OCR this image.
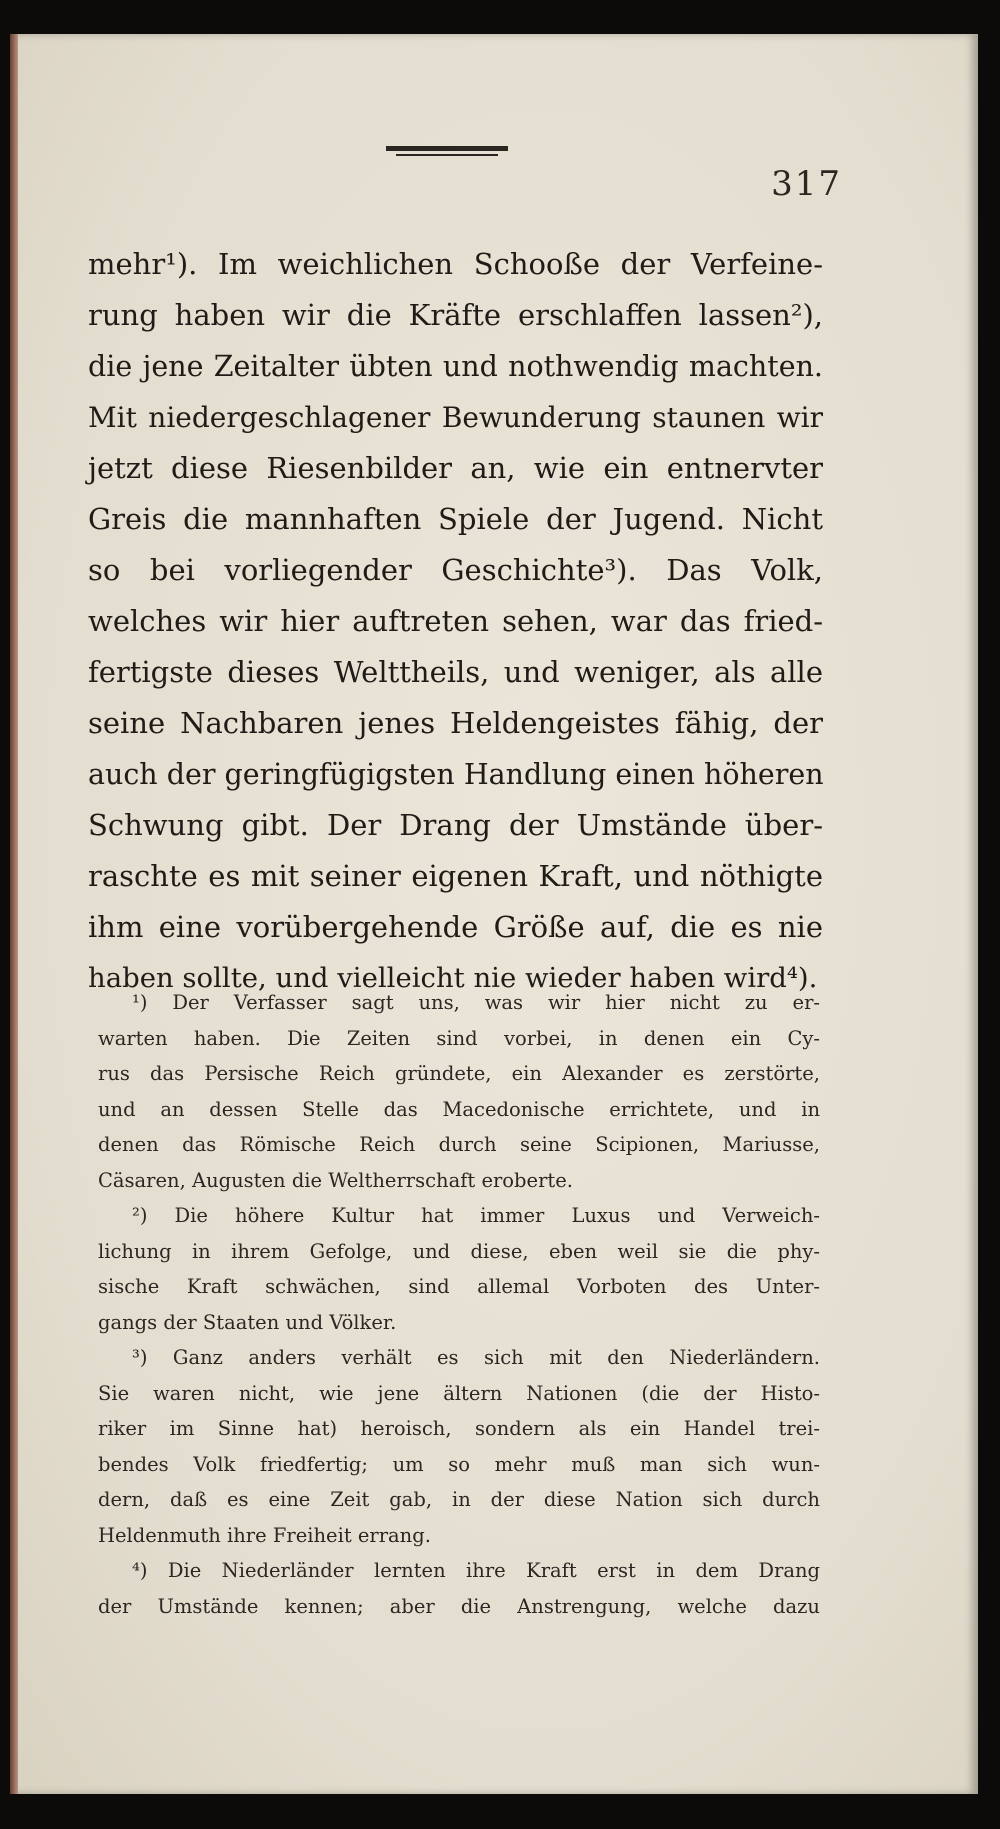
317
mehr¹). Im weichlichen Schooße der Verfeine-
rung haben wir die Kräfte erschlaffen lassen²),
die jene Zeitalter übten und nothwendig machten.
Mit niedergeschlagener Bewunderung staunen wir
jetzt diese Riesenbilder an, wie ein entnervter
Greis die mannhaften Spiele der Jugend. Nicht
so bei vorliegender Geschichte³). Das Volk,
welches wir hier auftreten sehen, war das fried-
fertigste dieses Welttheils, und weniger, als alle
seine Nachbaren jenes Heldengeistes fähig, der
auch der geringfügigsten Handlung einen höheren
Schwung gibt. Der Drang der Umstände über-
raschte es mit seiner eigenen Kraft, und nöthigte
ihm eine vorübergehende Größe auf, die es nie
haben sollte, und vielleicht nie wieder haben wird⁴).
¹) Der Verfasser sagt uns, was wir hier nicht zu er-
warten haben. Die Zeiten sind vorbei, in denen ein Cy-
rus das Persische Reich gründete, ein Alexander es zerstörte,
und an dessen Stelle das Macedonische errichtete, und in
denen das Römische Reich durch seine Scipionen, Mariusse,
Cäsaren, Augusten die Weltherrschaft eroberte.
²) Die höhere Kultur hat immer Luxus und Verweich-
lichung in ihrem Gefolge, und diese, eben weil sie die phy-
sische Kraft schwächen, sind allemal Vorboten des Unter-
gangs der Staaten und Völker.
³) Ganz anders verhält es sich mit den Niederländern.
Sie waren nicht, wie jene ältern Nationen (die der Histo-
riker im Sinne hat) heroisch, sondern als ein Handel trei-
bendes Volk friedfertig; um so mehr muß man sich wun-
dern, daß es eine Zeit gab, in der diese Nation sich durch
Heldenmuth ihre Freiheit errang.
⁴) Die Niederländer lernten ihre Kraft erst in dem Drang
der Umstände kennen; aber die Anstrengung, welche dazu
